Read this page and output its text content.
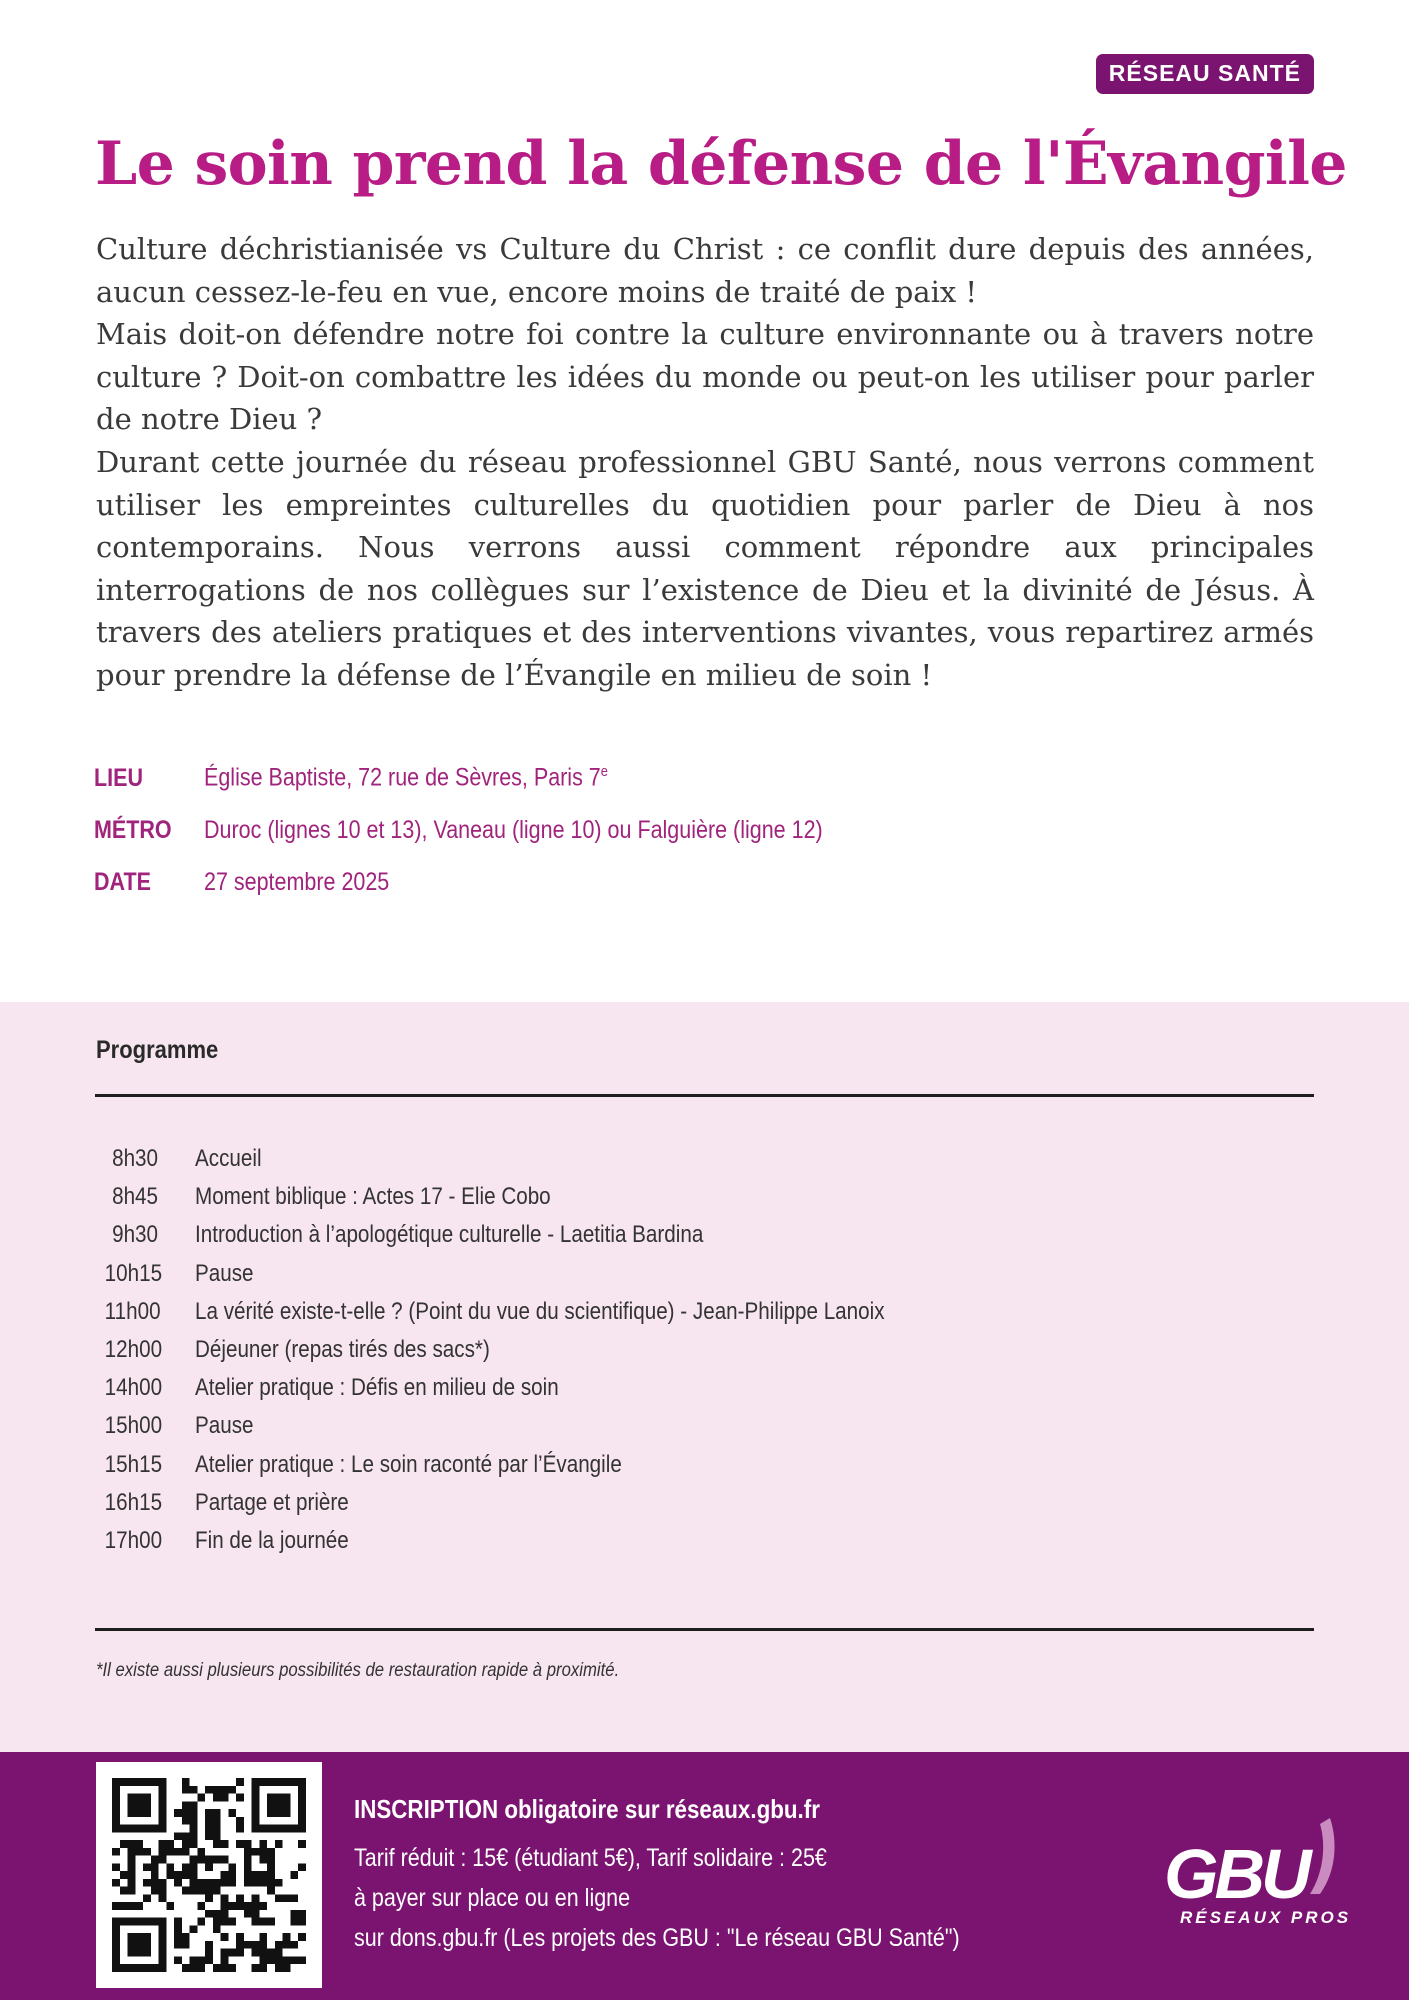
RÉSEAU SANTÉ
Le soin prend la défense de l'Évangile

Culture déchristianisée vs Culture du Christ : ce conflit dure depuis des années, aucun cessez-le-feu en vue, encore moins de traité de paix !

Mais doit-on défendre notre foi contre la culture environnante ou à travers notre culture ? Doit-on combattre les idées du monde ou peut-on les utiliser pour parler de notre Dieu ?

Durant cette journée du réseau professionnel GBU Santé, nous verrons comment utiliser les empreintes culturelles du quotidien pour parler de Dieu à nos contemporains. Nous verrons aussi comment répondre aux principales interrogations de nos collègues sur l’existence de Dieu et la divinité de Jésus. À travers des ateliers pratiques et des interventions vivantes, vous repartirez armés pour prendre la défense de l’Évangile en milieu de soin !

LIEU	Église Baptiste, 72 rue de Sèvres, Paris 7e
MÉTRO	Duroc (lignes 10 et 13), Vaneau (ligne 10) ou Falguière (ligne 12)
DATE	27 septembre 2025
Programme
8h30 Accueil
8h45 Moment biblique : Actes 17 - Elie Cobo
9h30 Introduction à l’apologétique culturelle - Laetitia Bardina
10h15 Pause
11h00 La vérité existe-t-elle ? (Point du vue du scientifique) - Jean-Philippe Lanoix
12h00 Déjeuner (repas tirés des sacs*)
14h00 Atelier pratique : Défis en milieu de soin
15h00 Pause
15h15 Atelier pratique : Le soin raconté par l’Évangile
16h15 Partage et prière
17h00 Fin de la journée
*Il existe aussi plusieurs possibilités de restauration rapide à proximité.
INSCRIPTION obligatoire sur réseaux.gbu.fr
Tarif réduit : 15€ (étudiant 5€), Tarif solidaire : 25€
à payer sur place ou en ligne
sur dons.gbu.fr (Les projets des GBU : "Le réseau GBU Santé")
GBU
RÉSEAUX PROS
